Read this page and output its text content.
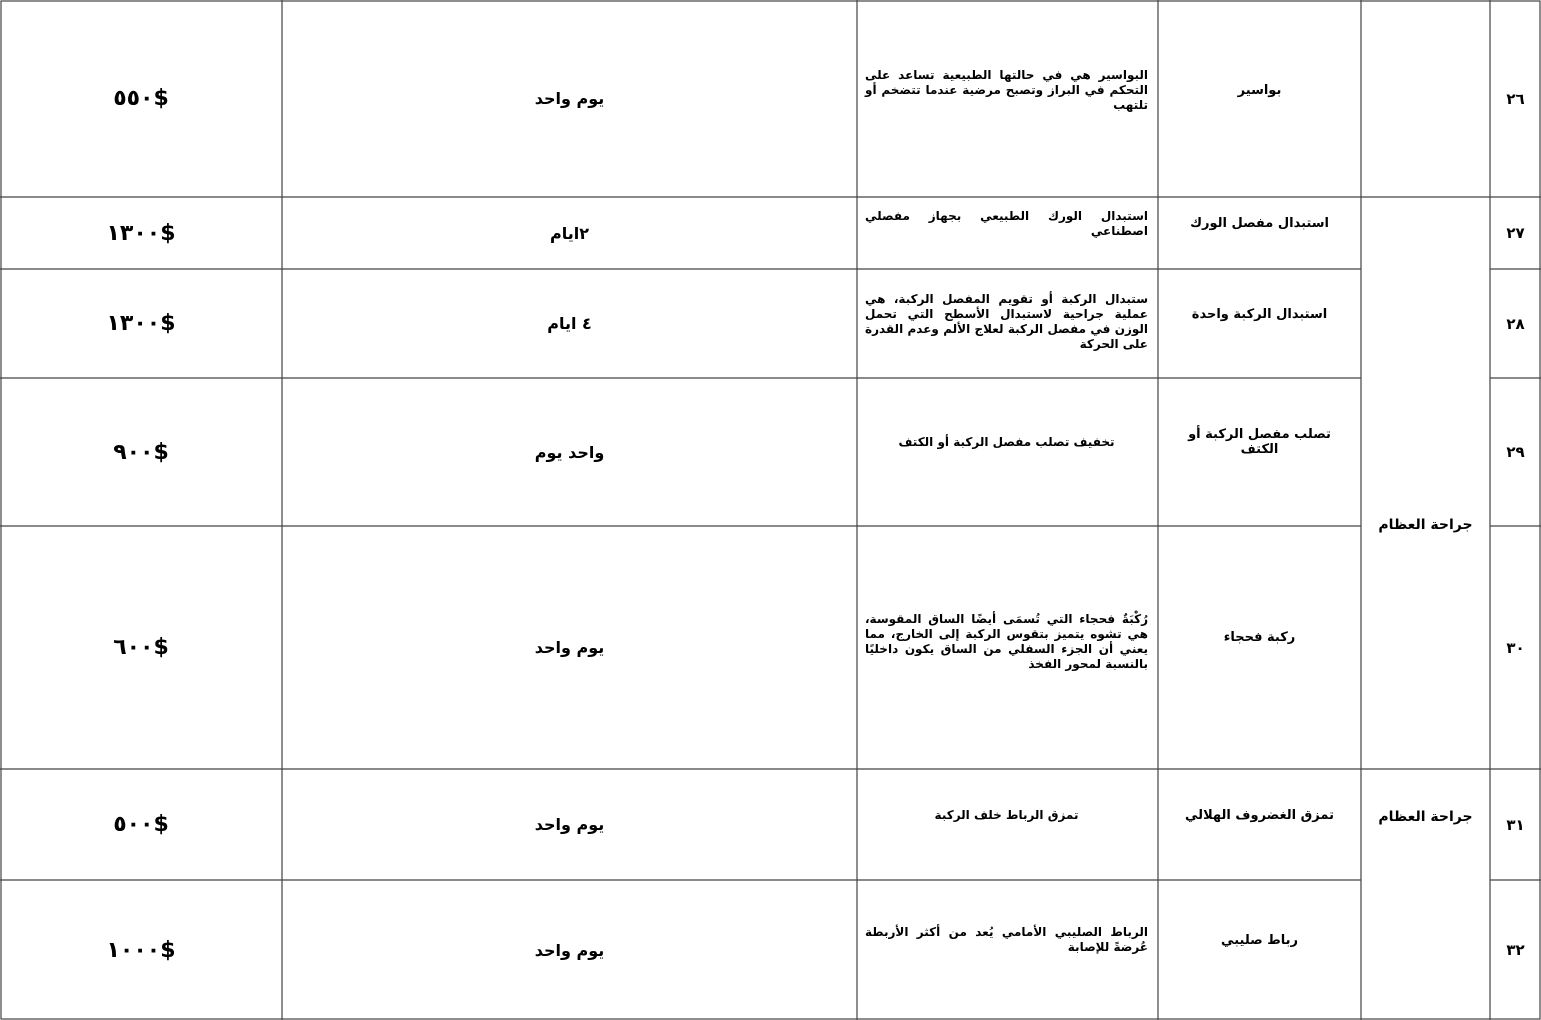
جراحة العظام
جراحة العظام
٢٦
بواسير
البواسير هي في حالتها الطبيعية تساعد على التحكم في البراز وتصبح مرضية عندما تتضخم أو تلتهب
يوم واحد
٥٥٠$
٢٧
استبدال مفصل الورك
استبدال الورك الطبيعي بجهاز مفصلي اصطناعي
٢ايام
١٣٠٠$
٢٨
استبدال الركبة واحدة
ستبدال الركبة أو تقويم المفصل الركبة، هي عملية جراحية لاستبدال الأسطح التي تحمل الوزن في مفصل الركبة لعلاج الألم وعدم القدرة على الحركة
٤ ايام
١٣٠٠$
٢٩
تصلب مفصل الركبة أو الكتف
تخفيف تصلب مفصل الركبة أو الكتف
واحد يوم
٩٠٠$
٣٠
ركبة فحجاء
رُكْبَةٌ فحجاء التي تُسمَى أيضًا الساق المقوسة، هي تشوه يتميز بتقوس الركبة إلى الخارج، مما يعني أن الجزء السفلي من الساق يكون داخليًا بالنسبة لمحور الفخذ
يوم واحد
٦٠٠$
٣١
تمزق الغضروف الهلالي
تمزق الرباط خلف الركبة
يوم واحد
٥٠٠$
٣٢
رباط صليبي
الرباط الصليبي الأمامي يُعد من أكثر الأربطة عُرضةً للإصابة
يوم واحد
١٠٠٠$
